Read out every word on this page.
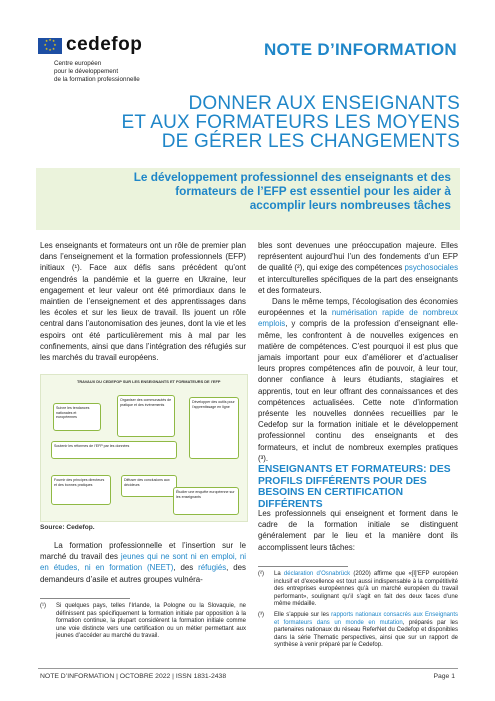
★ ★
★
★
★
★
★
★ cedefop
Centre européen
pour le développement
de la formation professionnelle
NOTE D’INFORMATION
DONNER AUX ENSEIGNANTS
ET AUX FORMATEURS LES MOYENS
DE GÉRER LES CHANGEMENTS
Le développement professionnel des enseignants et des
formateurs de l’EFP est essentiel pour les aider à
accomplir leurs nombreuses tâches

Les enseignants et formateurs ont un rôle de premier plan dans l’enseignement et la formation professionnels (EFP) initiaux (¹). Face aux défis sans précédent qu’ont engendrés la pandémie et la guerre en Ukraine, leur engagement et leur valeur ont été primordiaux dans le maintien de l’enseignement et des apprentissages dans les écoles et sur les lieux de travail. Ils jouent un rôle central dans l’autonomisation des jeunes, dont la vie et les espoirs ont été particulièrement mis à mal par les confinements, ainsi que dans l’intégration des réfugiés sur les marchés du travail européens.

TRAVAUX DU CEDEFOP SUR LES ENSEIGNANTS ET FORMATEURS DE l’EFP
Suivre les tendances nationales et européennes
Organiser des communautés de pratique et des événements
Développer des outils pour l’apprentissage en ligne
Soutenir les réformes de l’EFP par les données
Fournir des principes directeurs et des bonnes pratiques
Diffuser des conclusions aux décideurs
Étudier une enquête européenne sur les enseignants
Source: Cedefop.

La formation professionnelle et l’insertion sur le marché du travail des jeunes qui ne sont ni en emploi, ni en études, ni en formation (NEET), des réfugiés, des demandeurs d’asile et autres groupes vulnéra-

(¹)	Si quelques pays, telles l’Irlande, la Pologne ou la Slovaquie, ne définissent pas spécifiquement la formation initiale par opposition à la formation continue, la plupart considèrent la formation initiale comme une voie distincte vers une certification ou un métier permettant aux jeunes d’accéder au marché du travail.

bles sont devenues une préoccupation majeure. Elles représentent aujourd’hui l’un des fondements d’un EFP de qualité (²), qui exige des compétences psychosociales et interculturelles spécifiques de la part des enseignants et des formateurs.

Dans le même temps, l’écologisation des économies européennes et la numérisation rapide de nombreux emplois, y compris de la profession d’enseignant elle-même, les confrontent à de nouvelles exigences en matière de compétences. C’est pourquoi il est plus que jamais important pour eux d’améliorer et d’actualiser leurs propres compétences afin de pouvoir, à leur tour, donner confiance à leurs étudiants, stagiaires et apprentis, tout en leur offrant des connaissances et des compétences actualisées. Cette note d’information présente les nouvelles données recueillies par le Cedefop sur la formation initiale et le développement professionnel continu des enseignants et des formateurs, et inclut de nombreux exemples pratiques (³).

ENSEIGNANTS ET FORMATEURS: DES PROFILS DIFFÉRENTS POUR DES BESOINS EN CERTIFICATION DIFFÉRENTS

Les professionnels qui enseignent et forment dans le cadre de la formation initiale se distinguent généralement par le lieu et la manière dont ils accomplissent leurs tâches:

(²)	La déclaration d’Osnabrück (2020) affirme que «[l]’EFP européen inclusif et d’excellence est tout aussi indispensable à la compétitivité des entreprises européennes qu’à un marché européen du travail performant», soulignant qu’il s’agit en fait des deux faces d’une même médaille.
(³)	Elle s’appuie sur les rapports nationaux consacrés aux Enseignants et formateurs dans un monde en mutation, préparés par les partenaires nationaux du réseau ReferNet du Cedefop et disponibles dans la série Thematic perspectives, ainsi que sur un rapport de synthèse à venir préparé par le Cedefop.
NOTE D’INFORMATION | OCTOBRE 2022 | ISSN 1831-2438	Page 1
